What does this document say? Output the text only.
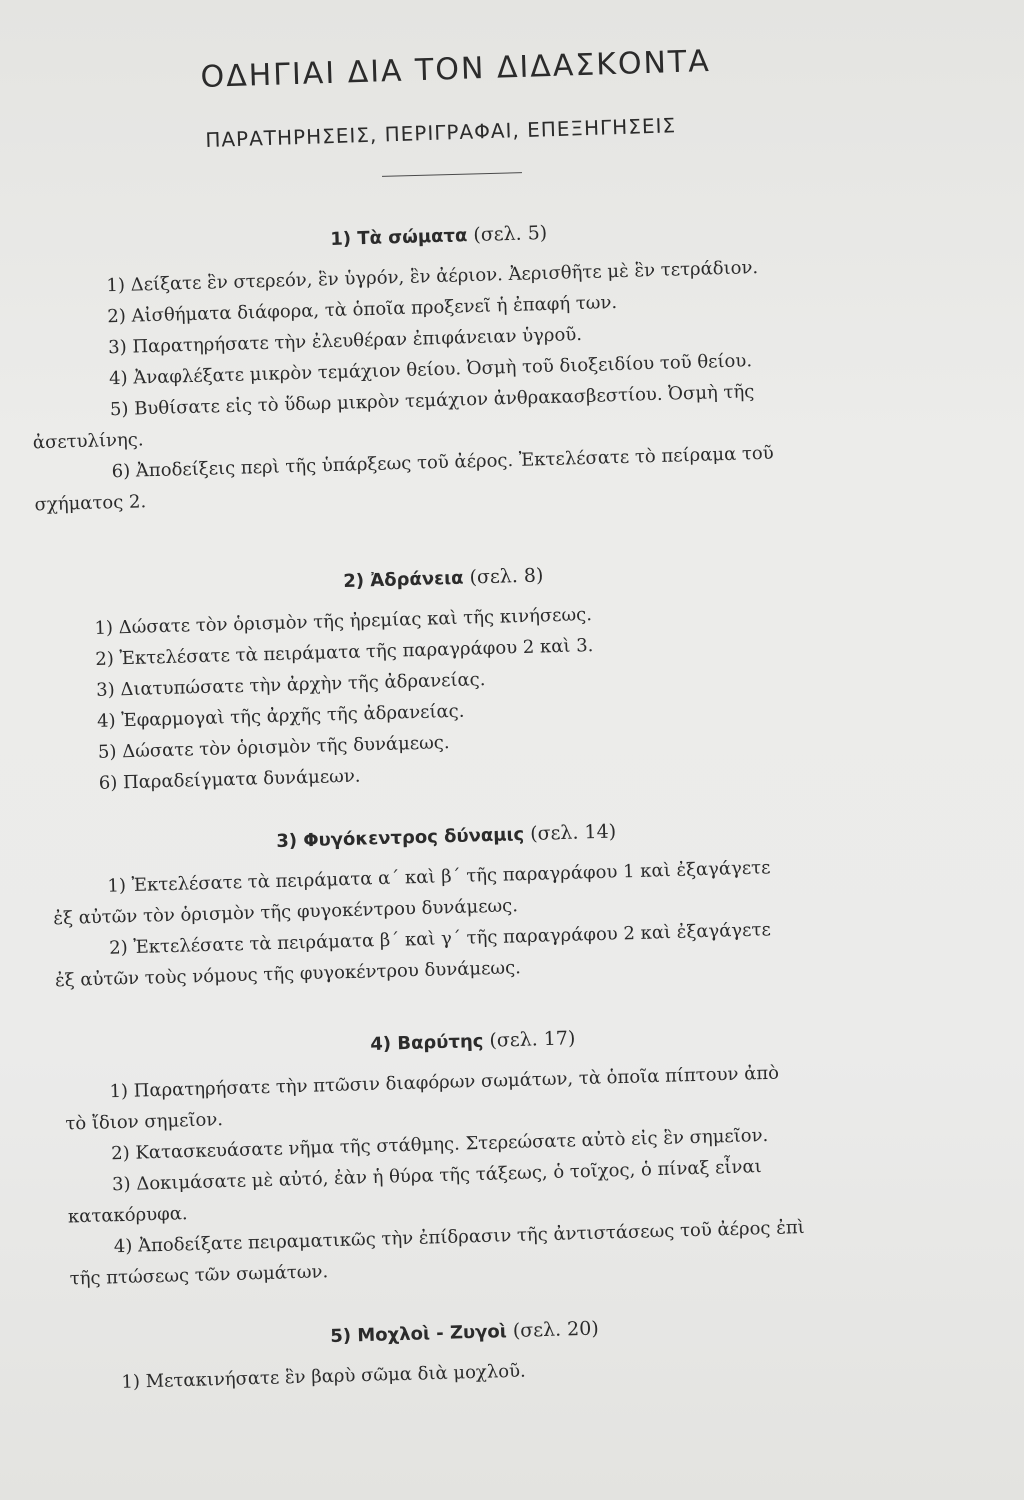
ΟΔΗΓΙΑΙ ΔΙΑ ΤΟΝ ΔΙΔΑΣΚΟΝΤΑ
ΠΑΡΑΤΗΡΗΣΕΙΣ, ΠΕΡΙΓΡΑΦΑΙ, ΕΠΕΞΗΓΗΣΕΙΣ
1) Τὰ σώματα (σελ. 5)
1) Δείξατε ἓν στερεόν, ἓν ὑγρόν, ἓν ἀέριον. Ἀερισθῆτε μὲ ἓν τετράδιον.
2) Αἰσθήματα διάφορα, τὰ ὁποῖα προξενεῖ ἡ ἐπαφή των.
3) Παρατηρήσατε τὴν ἐλευθέραν ἐπιφάνειαν ὑγροῦ.
4) Ἀναφλέξατε μικρὸν τεμάχιον θείου. Ὀσμὴ τοῦ διοξειδίου τοῦ θείου.
5) Βυθίσατε εἰς τὸ ὕδωρ μικρὸν τεμάχιον ἀνθρακασβεστίου. Ὀσμὴ τῆς
ἀσετυλίνης.
6) Ἀποδείξεις περὶ τῆς ὑπάρξεως τοῦ ἀέρος. Ἐκτελέσατε τὸ πείραμα τοῦ
σχήματος 2.
2) Ἀδράνεια (σελ. 8)
1) Δώσατε τὸν ὁρισμὸν τῆς ἠρεμίας καὶ τῆς κινήσεως.
2) Ἐκτελέσατε τὰ πειράματα τῆς παραγράφου 2 καὶ 3.
3) Διατυπώσατε τὴν ἀρχὴν τῆς ἀδρανείας.
4) Ἐφαρμογαὶ τῆς ἀρχῆς τῆς ἀδρανείας.
5) Δώσατε τὸν ὁρισμὸν τῆς δυνάμεως.
6) Παραδείγματα δυνάμεων.
3) Φυγόκεντρος δύναμις (σελ. 14)
1) Ἐκτελέσατε τὰ πειράματα α΄ καὶ β΄ τῆς παραγράφου 1 καὶ ἐξαγάγετε
ἐξ αὐτῶν τὸν ὁρισμὸν τῆς φυγοκέντρου δυνάμεως.
2) Ἐκτελέσατε τὰ πειράματα β΄ καὶ γ΄ τῆς παραγράφου 2 καὶ ἐξαγάγετε
ἐξ αὐτῶν τοὺς νόμους τῆς φυγοκέντρου δυνάμεως.
4) Βαρύτης (σελ. 17)
1) Παρατηρήσατε τὴν πτῶσιν διαφόρων σωμάτων, τὰ ὁποῖα πίπτουν ἀπὸ
τὸ ἴδιον σημεῖον.
2) Κατασκευάσατε νῆμα τῆς στάθμης. Στερεώσατε αὐτὸ εἰς ἓν σημεῖον.
3) Δοκιμάσατε μὲ αὐτό, ἐὰν ἡ θύρα τῆς τάξεως, ὁ τοῖχος, ὁ πίναξ εἶναι
κατακόρυφα.
4) Ἀποδείξατε πειραματικῶς τὴν ἐπίδρασιν τῆς ἀντιστάσεως τοῦ ἀέρος ἐπὶ
τῆς πτώσεως τῶν σωμάτων.
5) Μοχλοὶ - Ζυγοὶ (σελ. 20)
1) Μετακινήσατε ἓν βαρὺ σῶμα διὰ μοχλοῦ.
